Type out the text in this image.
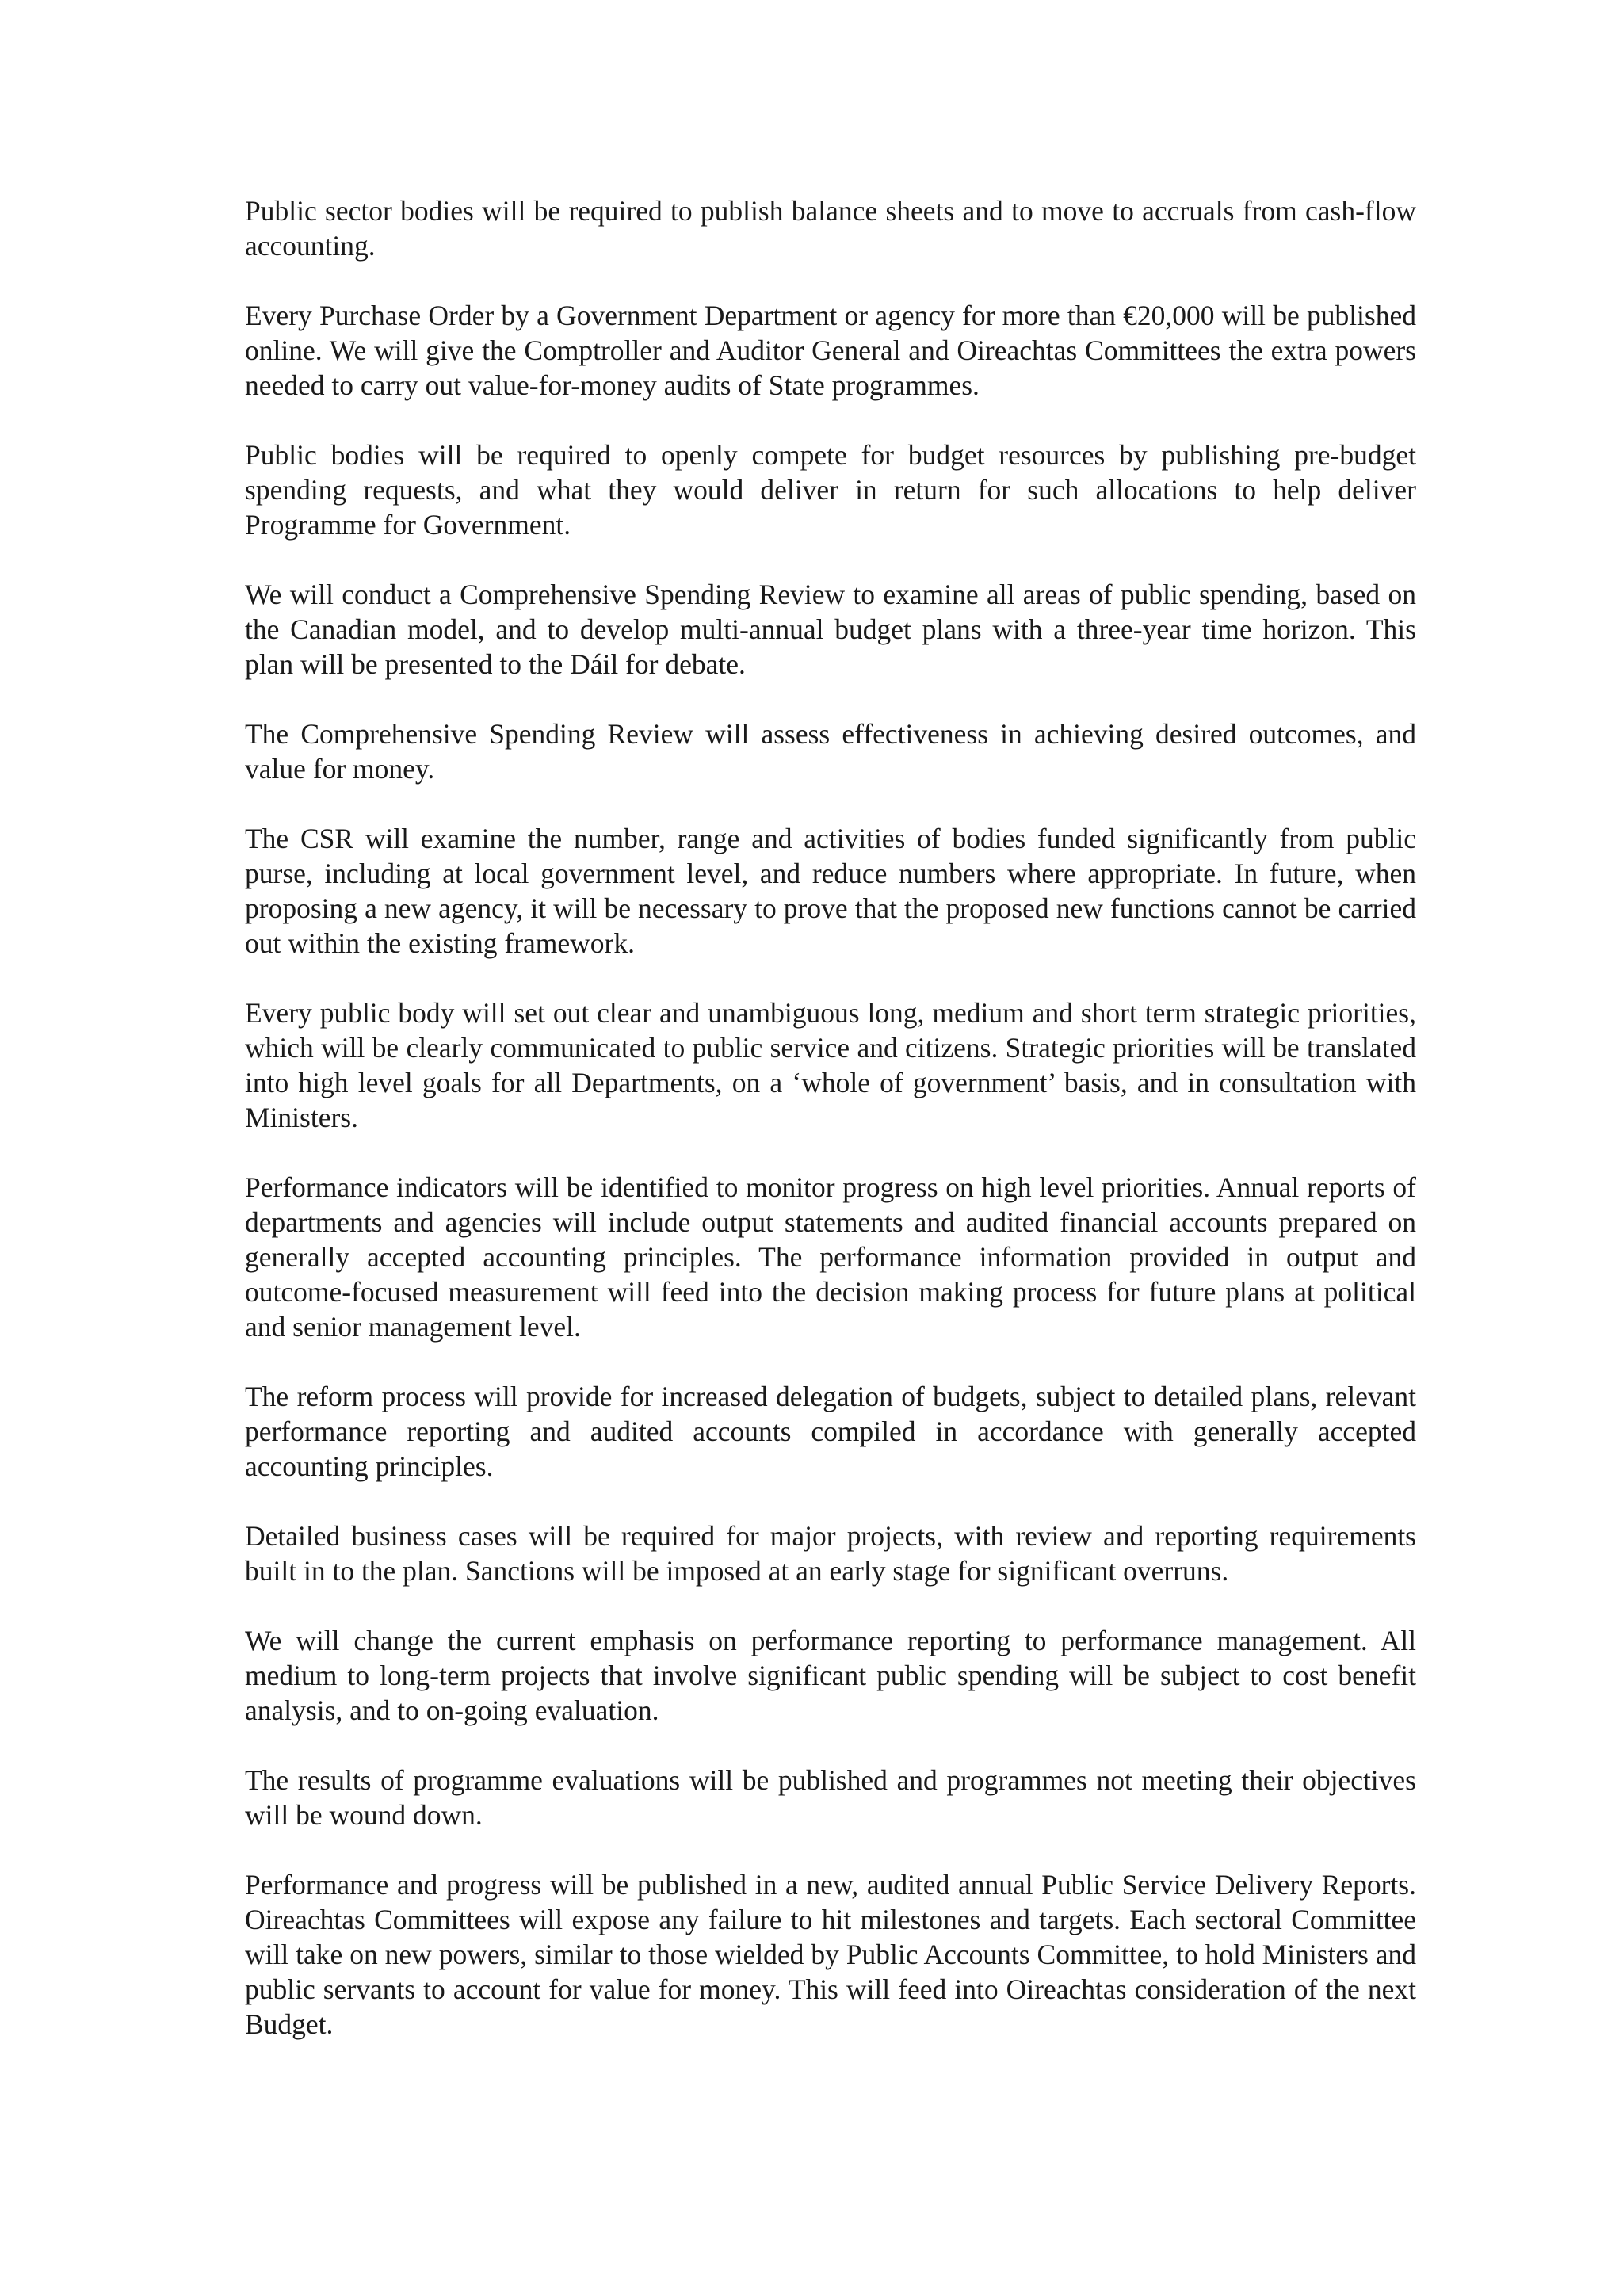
Public sector bodies will be required to publish balance sheets and to move to accruals from cash-flow accounting.

Every Purchase Order by a Government Department or agency for more than €20,000 will be published online. We will give the Comptroller and Auditor General and Oireachtas Committees the extra powers needed to carry out value-for-money audits of State programmes.

Public bodies will be required to openly compete for budget resources by publishing pre-budget spending requests, and what they would deliver in return for such allocations to help deliver Programme for Government.

We will conduct a Comprehensive Spending Review to examine all areas of public spending, based on the Canadian model, and to develop multi-annual budget plans with a three-year time horizon. This plan will be presented to the Dáil for debate.

The Comprehensive Spending Review will assess effectiveness in achieving desired outcomes, and value for money.

The CSR will examine the number, range and activities of bodies funded significantly from public purse, including at local government level, and reduce numbers where appropriate. In future, when proposing a new agency, it will be necessary to prove that the proposed new functions cannot be carried out within the existing framework.

Every public body will set out clear and unambiguous long, medium and short term strategic priorities, which will be clearly communicated to public service and citizens. Strategic priorities will be translated into high level goals for all Departments, on a ‘whole of government’ basis, and in consultation with Ministers.

Performance indicators will be identified to monitor progress on high level priorities. Annual reports of departments and agencies will include output statements and audited financial accounts prepared on generally accepted accounting principles. The performance information provided in output and outcome-focused measurement will feed into the decision making process for future plans at political and senior management level.

The reform process will provide for increased delegation of budgets, subject to detailed plans, relevant performance reporting and audited accounts compiled in accordance with generally accepted accounting principles.

Detailed business cases will be required for major projects, with review and reporting requirements built in to the plan. Sanctions will be imposed at an early stage for significant overruns.

We will change the current emphasis on performance reporting to performance management. All medium to long-term projects that involve significant public spending will be subject to cost benefit analysis, and to on-going evaluation.

The results of programme evaluations will be published and programmes not meeting their objectives will be wound down.

Performance and progress will be published in a new, audited annual Public Service Delivery Reports. Oireachtas Committees will expose any failure to hit milestones and targets. Each sectoral Committee will take on new powers, similar to those wielded by Public Accounts Committee, to hold Ministers and public servants to account for value for money. This will feed into Oireachtas consideration of the next Budget.
